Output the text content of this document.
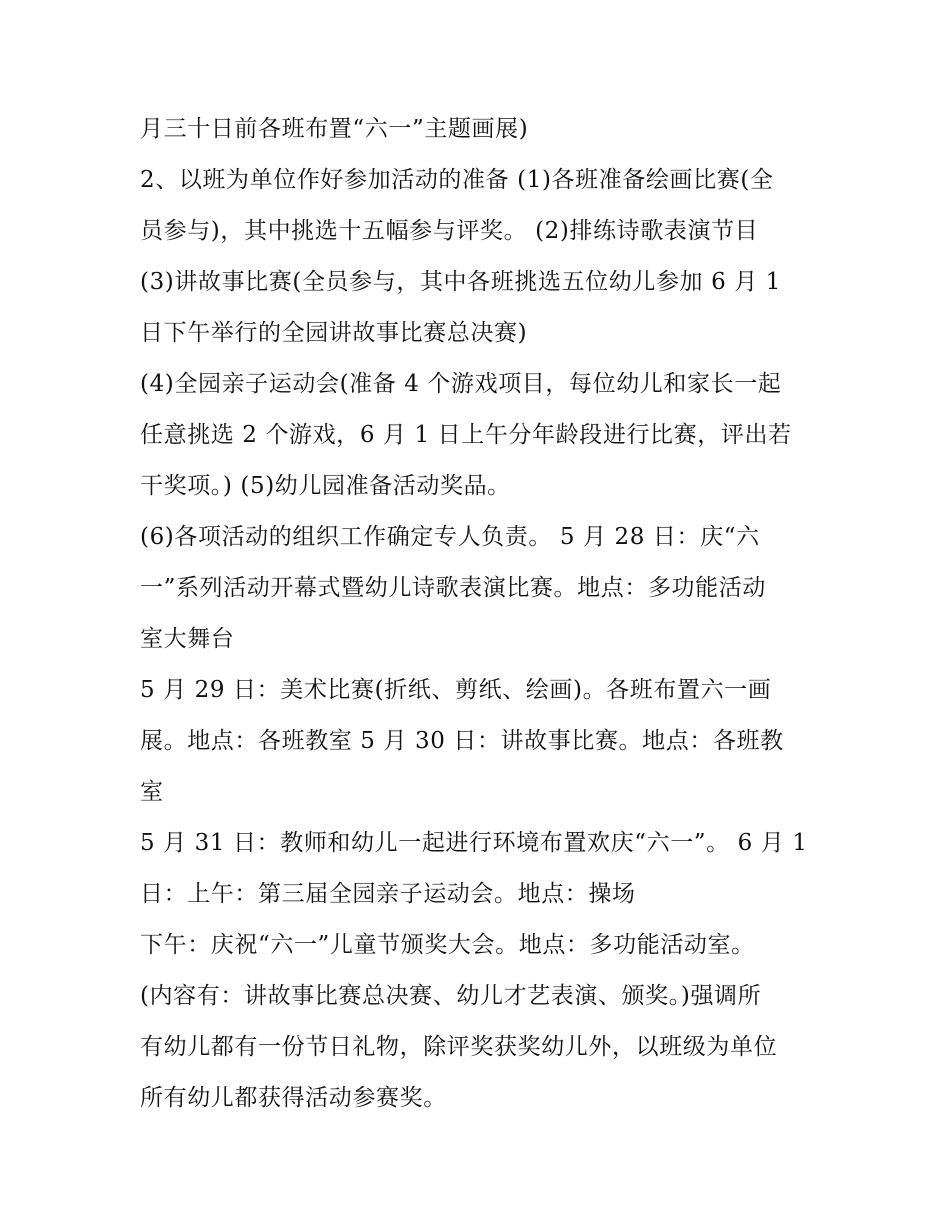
月三十日前各班布置“六一”主题画展)
2、以班为单位作好参加活动的准备 (1)各班准备绘画比赛(全
员参与)，其中挑选十五幅参与评奖。 (2)排练诗歌表演节目
(3)讲故事比赛(全员参与，其中各班挑选五位幼儿参加 6 月 1
日下午举行的全园讲故事比赛总决赛)
(4)全园亲子运动会(准备 4 个游戏项目，每位幼儿和家长一起
任意挑选 2 个游戏，6 月 1 日上午分年龄段进行比赛，评出若
干奖项。) (5)幼儿园准备活动奖品。
(6)各项活动的组织工作确定专人负责。 5 月 28 日：庆“六
一”系列活动开幕式暨幼儿诗歌表演比赛。地点：多功能活动
室大舞台
5 月 29 日：美术比赛(折纸、剪纸、绘画)。各班布置六一画
展。地点：各班教室 5 月 30 日：讲故事比赛。地点：各班教
室
5 月 31 日：教师和幼儿一起进行环境布置欢庆“六一”。 6 月 1
日：上午：第三届全园亲子运动会。地点：操场
下午：庆祝“六一”儿童节颁奖大会。地点：多功能活动室。
(内容有：讲故事比赛总决赛、幼儿才艺表演、颁奖。)强调所
有幼儿都有一份节日礼物，除评奖获奖幼儿外，以班级为单位
所有幼儿都获得活动参赛奖。
